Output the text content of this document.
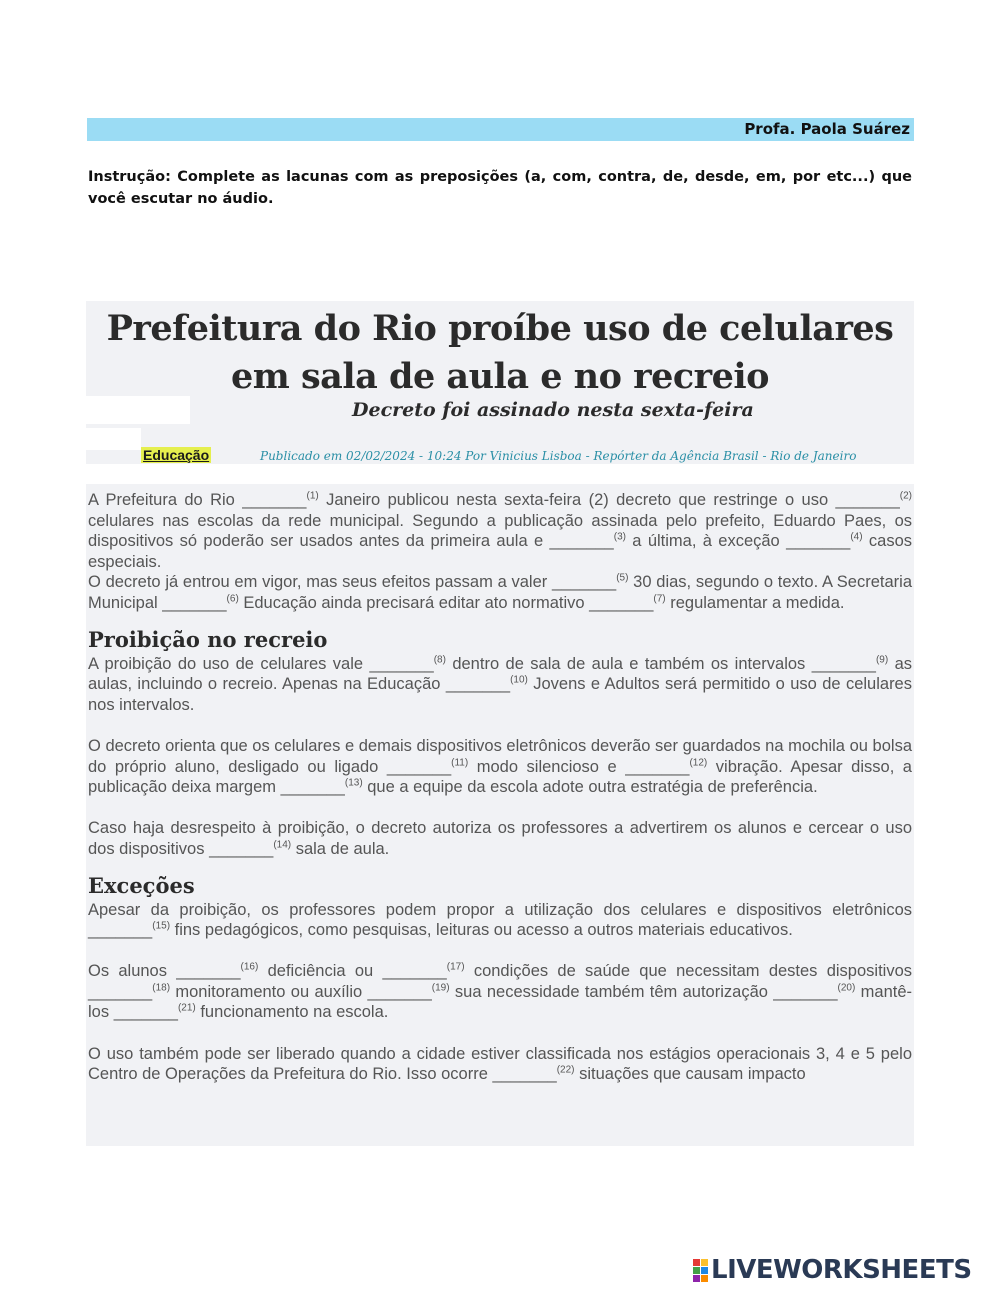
Profa. Paola Suárez
Instrução: Complete as lacunas com as preposições (a, com, contra, de, desde, em, por etc...) que você escutar no áudio.
Prefeitura do Rio proíbe uso de celulares
em sala de aula e no recreio
Decreto foi assinado nesta sexta-feira
Educação	Publicado em 02/02/2024 - 10:24 Por Vinicius Lisboa - Repórter da Agência Brasil - Rio de Janeiro

A Prefeitura do Rio _______$^{(1)}$ Janeiro publicou nesta sexta-feira (2) decreto que restringe o uso _______$^{(2)}$ celulares nas escolas da rede municipal. Segundo a publicação assinada pelo prefeito, Eduardo Paes, os dispositivos só poderão ser usados antes da primeira aula e _______$^{(3)}$ a última, à exceção _______$^{(4)}$ casos especiais.

O decreto já entrou em vigor, mas seus efeitos passam a valer _______$^{(5)}$ 30 dias, segundo o texto. A Secretaria Municipal _______$^{(6)}$ Educação ainda precisará editar ato normativo _______$^{(7)}$ regulamentar a medida.

Proibição no recreio

A proibição do uso de celulares vale _______$^{(8)}$ dentro de sala de aula e também os intervalos _______$^{(9)}$ as aulas, incluindo o recreio. Apenas na Educação _______$^{(10)}$ Jovens e Adultos será permitido o uso de celulares nos intervalos.

O decreto orienta que os celulares e demais dispositivos eletrônicos deverão ser guardados na mochila ou bolsa do próprio aluno, desligado ou ligado _______$^{(11)}$ modo silencioso e _______$^{(12)}$ vibração. Apesar disso, a publicação deixa margem _______$^{(13)}$ que a equipe da escola adote outra estratégia de preferência.

Caso haja desrespeito à proibição, o decreto autoriza os professores a advertirem os alunos e cercear o uso dos dispositivos _______$^{(14)}$ sala de aula.

Exceções

Apesar da proibição, os professores podem propor a utilização dos celulares e dispositivos eletrônicos _______$^{(15)}$ fins pedagógicos, como pesquisas, leituras ou acesso a outros materiais educativos.

Os alunos _______$^{(16)}$ deficiência ou _______$^{(17)}$ condições de saúde que necessitam destes dispositivos _______$^{(18)}$ monitoramento ou auxílio _______$^{(19)}$ sua necessidade também têm autorização _______$^{(20)}$ mantê-los _______$^{(21)}$ funcionamento na escola.

O uso também pode ser liberado quando a cidade estiver classificada nos estágios operacionais 3, 4 e 5 pelo Centro de Operações da Prefeitura do Rio. Isso ocorre _______$^{(22)}$ situações que causam impacto

LIVEWORKSHEETS
